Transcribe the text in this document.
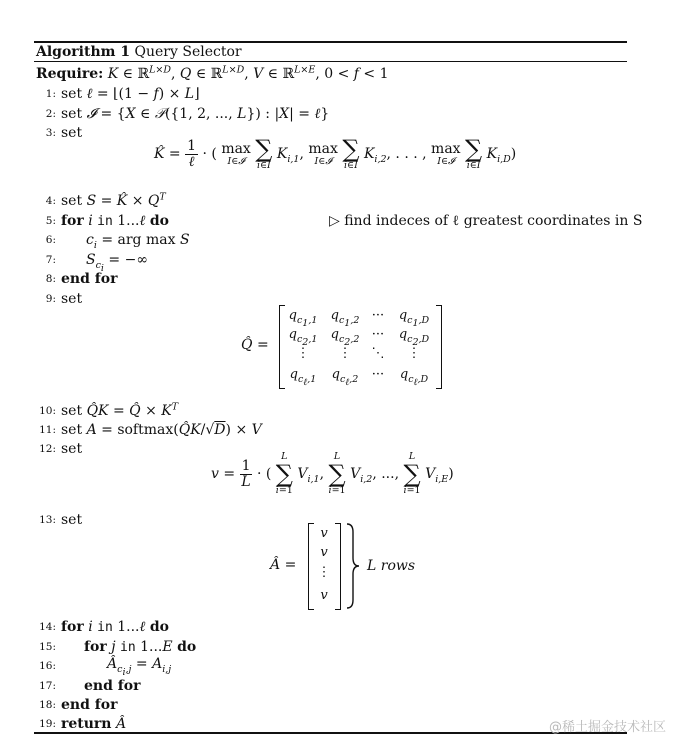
Algorithm 1 Query Selector
Require: K ∈ ℝ$^{L\times D}$, Q ∈ ℝ$^{L\times D}$, V ∈ ℝ$^{L\times E}$, 0 < f < 1
1:
2:
3:
4:
5:
6:
7:
8:
9:
10:
11:
12:
13:
14:
15:
16:
17:
18:
19:
set ℓ = ⌊(1 − f) × L⌋
set 𝓘 = {X ∈ 𝒫({1, 2, ..., L}) : |X| = ℓ}
set
set S = K̂ × $Q^T$
for i in 1...ℓ do	▷ find indeces of ℓ greatest coordinates in S
$c_i$ = arg max S
$S_{c_i}$ = −∞
end for
set
set Q̂K = Q̂ × $K^T$
set A = softmax(Q̂K/√D) × V
set
set
for i in 1...ℓ do
for j in 1...E do
$Â_{c_i,j} = A_{i,j}$
end for
end for
return Â
K̂ = $\frac{1}{\text{ℓ}}$ · ( max
I∈𝓘
∑
i∈I
$K_{i,1}$, max
I∈𝓘
∑
i∈I
$K_{i,2}$, . . . , max
I∈𝓘
∑
i∈I
$K_{i,D}$)
Q̂ =
$q_{c_1,1}$	$q_{c_1,2}$ ···	$q_{c_1,D}$
$q_{c_2,1}$	$q_{c_2,2}$ ···	$q_{c_2,D}$
⋮	⋮	⋱	⋮
$q_{c_\ell,1}$	$q_{c_\ell,2}$	···	$q_{c_\ell,D}$
$v = \frac{1}{L}$ · (
L
∑
i=1
$V_{i,1}$,
L
∑
i=1
$V_{i,2}$, ...,
L
∑
i=1
$V_{i,E}$)
Â =
v
v
⋮
v
L rows
@稀土掘金技术社区
